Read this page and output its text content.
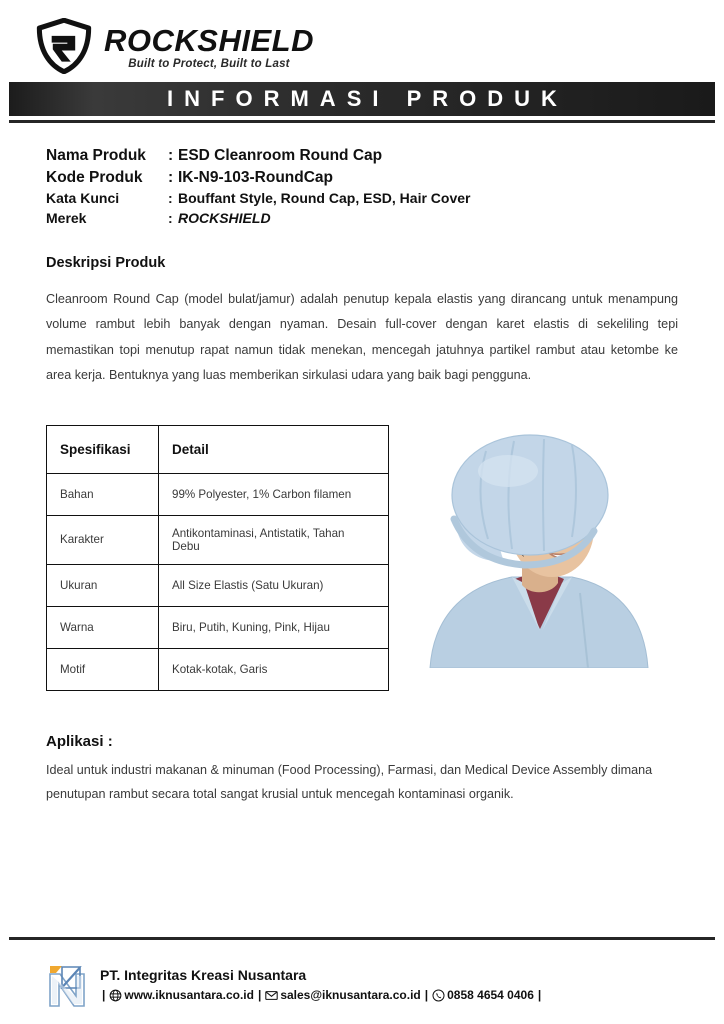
ROCKSHIELD
Built to Protect, Built to Last
INFORMASI PRODUK
Nama Produk	: ESD Cleanroom Round Cap
Kode Produk	: IK-N9-103-RoundCap
Kata Kunci	: Bouffant Style, Round Cap, ESD, Hair Cover
Merek	: ROCKSHIELD
Deskripsi Produk
Cleanroom Round Cap (model bulat/jamur) adalah penutup kepala elastis yang dirancang untuk menampung volume rambut lebih banyak dengan nyaman. Desain full-cover dengan karet elastis di sekeliling tepi memastikan topi menutup rapat namun tidak menekan, mencegah jatuhnya partikel rambut atau ketombe ke area kerja. Bentuknya yang luas memberikan sirkulasi udara yang baik bagi pengguna.
Spesifikasi	Detail
Bahan	99% Polyester, 1% Carbon filamen
Karakter	Antikontaminasi, Antistatik, Tahan Debu
Ukuran	All Size Elastis (Satu Ukuran)
Warna	Biru, Putih, Kuning, Pink, Hijau
Motif	Kotak-kotak, Garis
Aplikasi :
Ideal untuk industri makanan & minuman (Food Processing), Farmasi, dan Medical Device Assembly dimana penutupan rambut secara total sangat krusial untuk mencegah kontaminasi organik.
PT. Integritas Kreasi Nusantara
| www.iknusantara.co.id | sales@iknusantara.co.id | 0858 4654 0406 |
